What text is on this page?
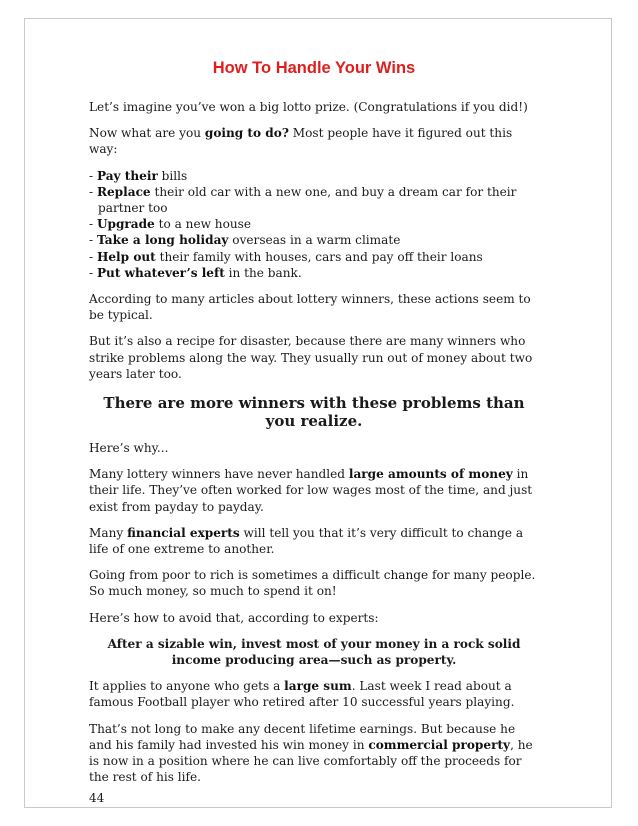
How To Handle Your Wins

Let’s imagine you’ve won a big lotto prize. (Congratulations if you did!)

Now what are you going to do? Most people have it figured out this way:

- Pay their bills
- Replace their old car with a new one, and buy a dream car for their partner too
- Upgrade to a new house
- Take a long holiday overseas in a warm climate
- Help out their family with houses, cars and pay off their loans
- Put whatever’s left in the bank.

According to many articles about lottery winners, these actions seem to be typical.

But it’s also a recipe for disaster, because there are many winners who strike problems along the way. They usually run out of money about two years later too.

There are more winners with these problems than you realize.

Here’s why...

Many lottery winners have never handled large amounts of money in their life. They’ve often worked for low wages most of the time, and just exist from payday to payday.

Many financial experts will tell you that it’s very difficult to change a life of one extreme to another.

Going from poor to rich is sometimes a difficult change for many people. So much money, so much to spend it on!

Here’s how to avoid that, according to experts:

After a sizable win, invest most of your money in a rock solid income producing area—such as property.

It applies to anyone who gets a large sum. Last week I read about a famous Football player who retired after 10 successful years playing.

That’s not long to make any decent lifetime earnings. But because he and his family had invested his win money in commercial property, he is now in a position where he can live comfortably off the proceeds for the rest of his life.

44
